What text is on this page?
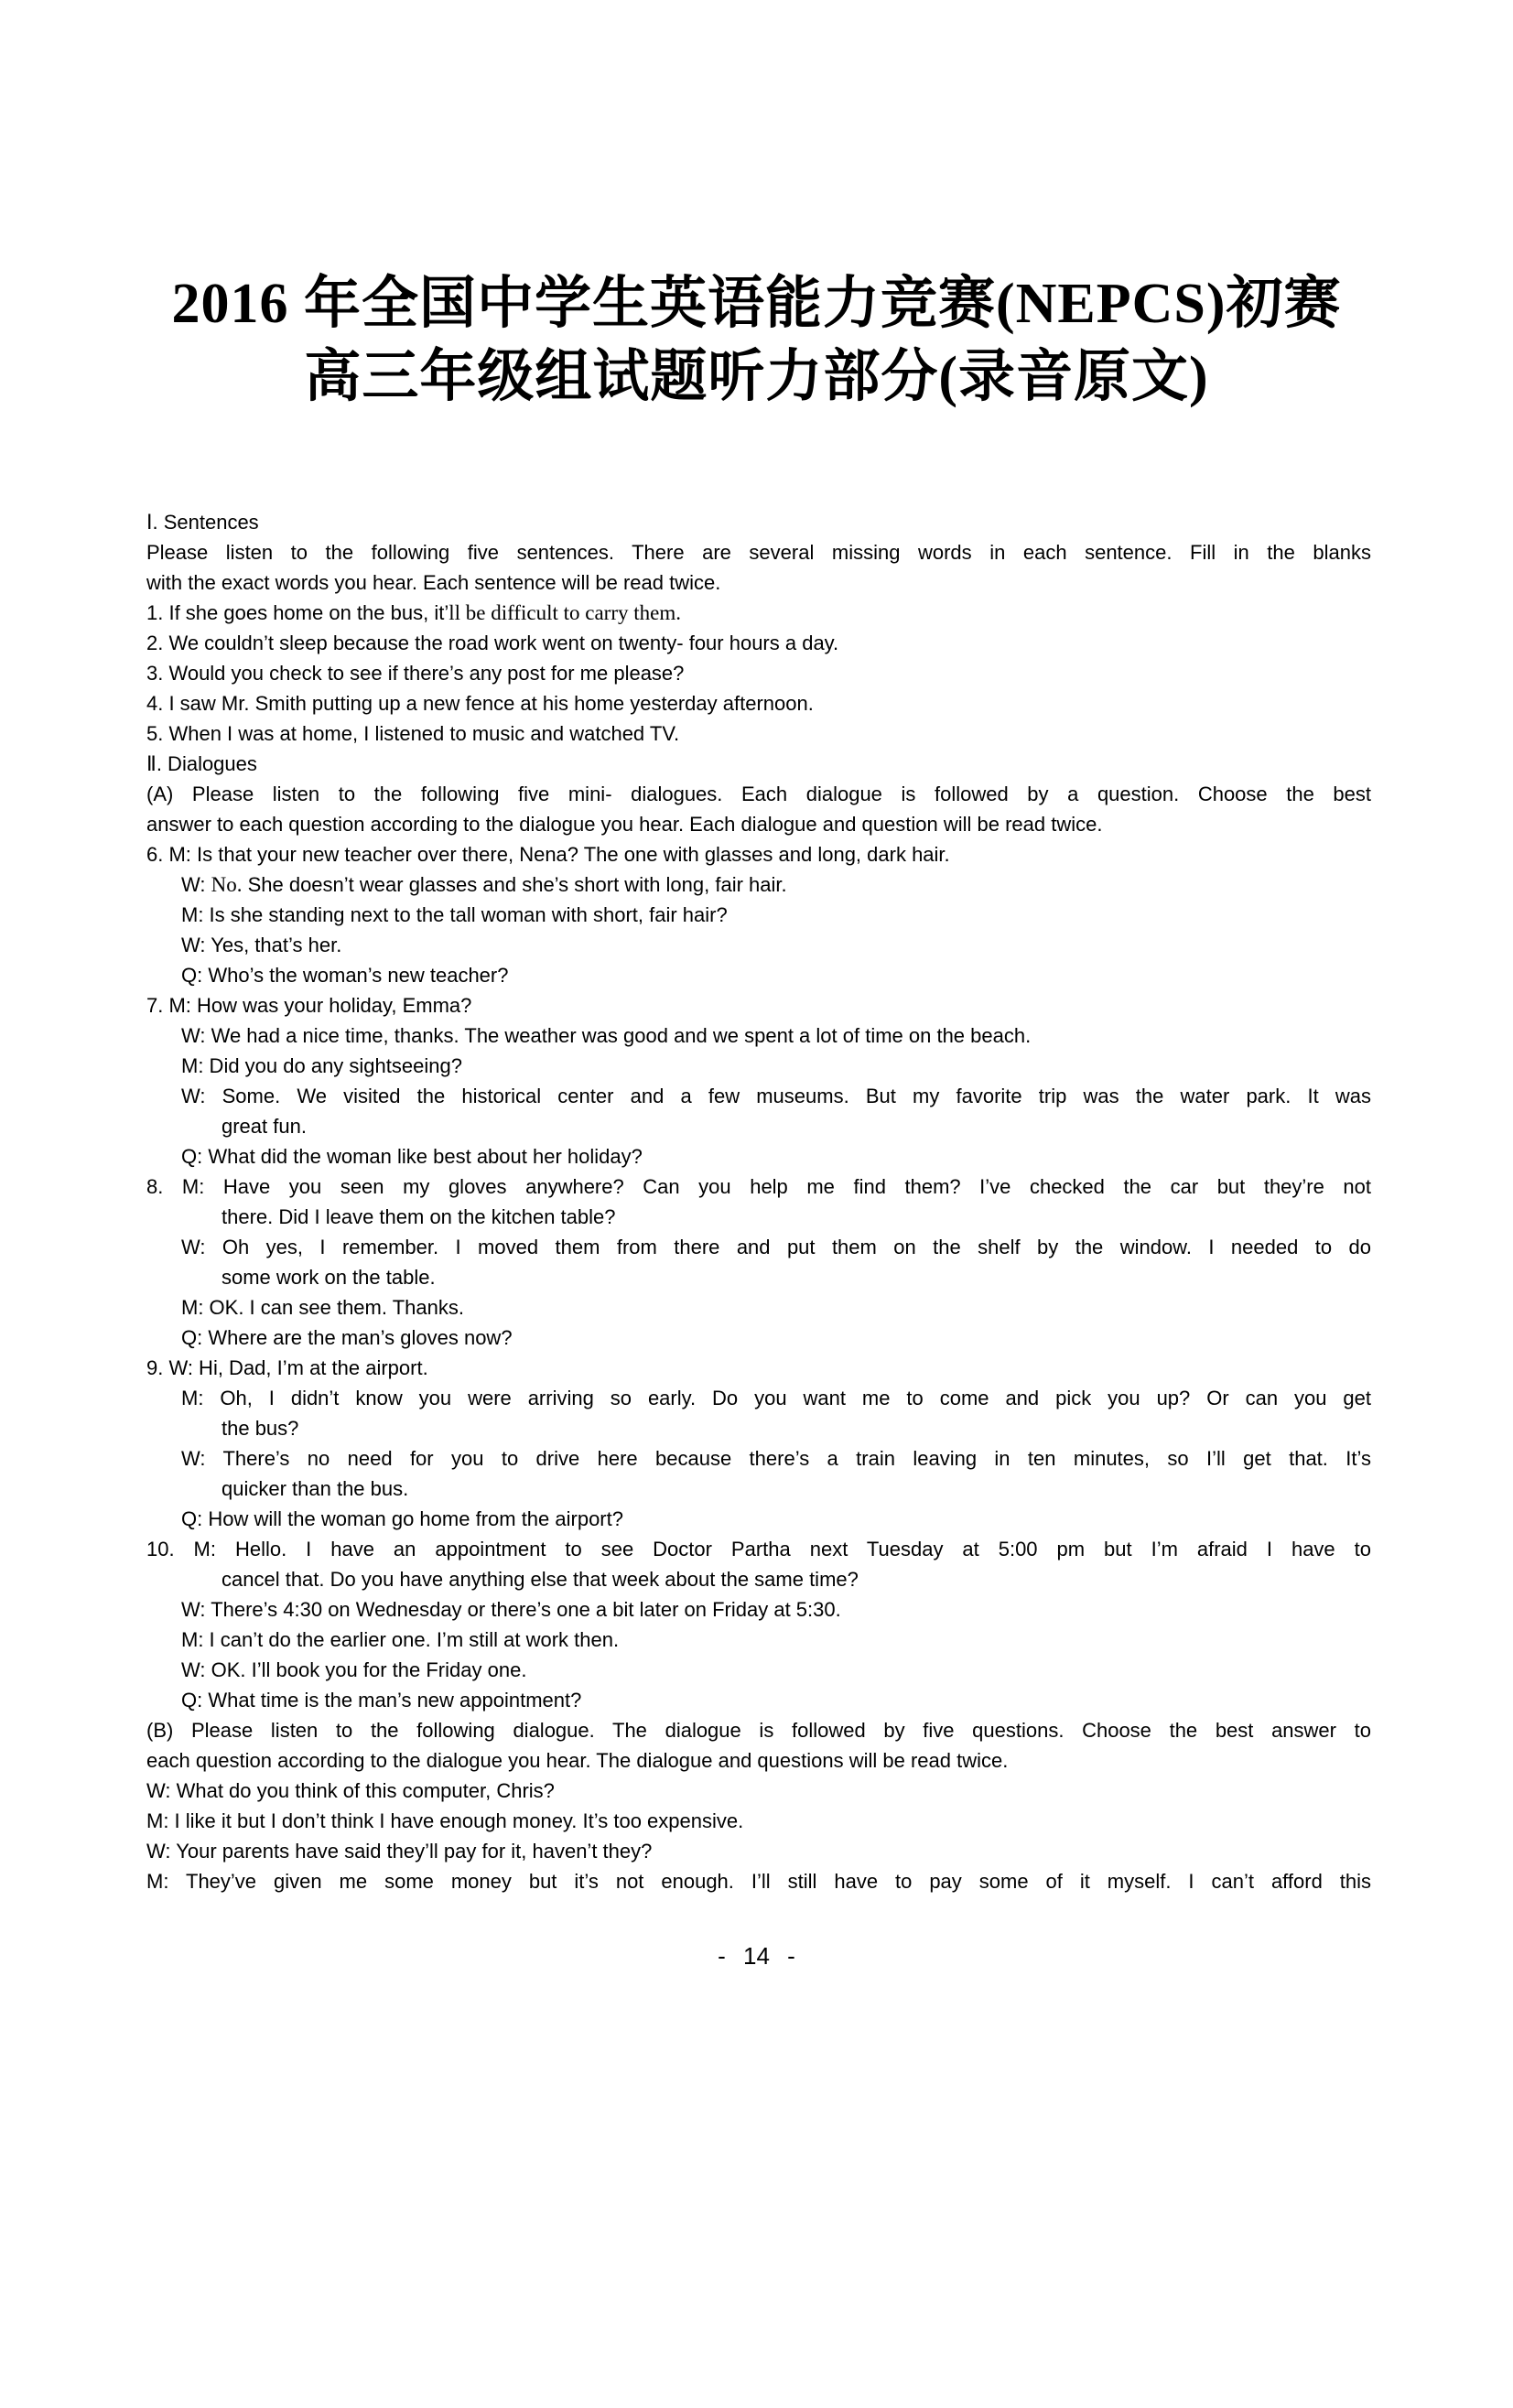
2016 年全国中学生英语能力竞赛(NEPCS)初赛
高三年级组试题听力部分(录音原文)
Ⅰ. Sentences
Please listen to the following five sentences. There are several missing words in each sentence. Fill in the blanks
with the exact words you hear. Each sentence will be read twice.
1. If she goes home on the bus, it’ll be difficult to carry them.
2. We couldn’t sleep because the road work went on twenty- four hours a day.
3. Would you check to see if there’s any post for me please?
4. I saw Mr. Smith putting up a new fence at his home yesterday afternoon.
5. When I was at home, I listened to music and watched TV.
Ⅱ. Dialogues
(A) Please listen to the following five mini- dialogues. Each dialogue is followed by a question. Choose the best
answer to each question according to the dialogue you hear. Each dialogue and question will be read twice.
6. M: Is that your new teacher over there, Nena? The one with glasses and long, dark hair.
W: No. She doesn’t wear glasses and she’s short with long, fair hair.
M: Is she standing next to the tall woman with short, fair hair?
W: Yes, that’s her.
Q: Who’s the woman’s new teacher?
7. M: How was your holiday, Emma?
W: We had a nice time, thanks. The weather was good and we spent a lot of time on the beach.
M: Did you do any sightseeing?
W: Some. We visited the historical center and a few museums. But my favorite trip was the water park. It was
great fun.
Q: What did the woman like best about her holiday?
8. M: Have you seen my gloves anywhere? Can you help me find them? I’ve checked the car but they’re not
there. Did I leave them on the kitchen table?
W: Oh yes, I remember. I moved them from there and put them on the shelf by the window. I needed to do
some work on the table.
M: OK. I can see them. Thanks.
Q: Where are the man’s gloves now?
9. W: Hi, Dad, I’m at the airport.
M: Oh, I didn’t know you were arriving so early. Do you want me to come and pick you up? Or can you get
the bus?
W: There’s no need for you to drive here because there’s a train leaving in ten minutes, so I’ll get that. It’s
quicker than the bus.
Q: How will the woman go home from the airport?
10. M: Hello. I have an appointment to see Doctor Partha next Tuesday at 5:00 pm but I’m afraid I have to
cancel that. Do you have anything else that week about the same time?
W: There’s 4:30 on Wednesday or there’s one a bit later on Friday at 5:30.
M: I can’t do the earlier one. I’m still at work then.
W: OK. I’ll book you for the Friday one.
Q: What time is the man’s new appointment?
(B) Please listen to the following dialogue. The dialogue is followed by five questions. Choose the best answer to
each question according to the dialogue you hear. The dialogue and questions will be read twice.
W: What do you think of this computer, Chris?
M: I like it but I don’t think I have enough money. It’s too expensive.
W: Your parents have said they’ll pay for it, haven’t they?
M: They’ve given me some money but it’s not enough. I’ll still have to pay some of it myself. I can’t afford this
- 14 -
